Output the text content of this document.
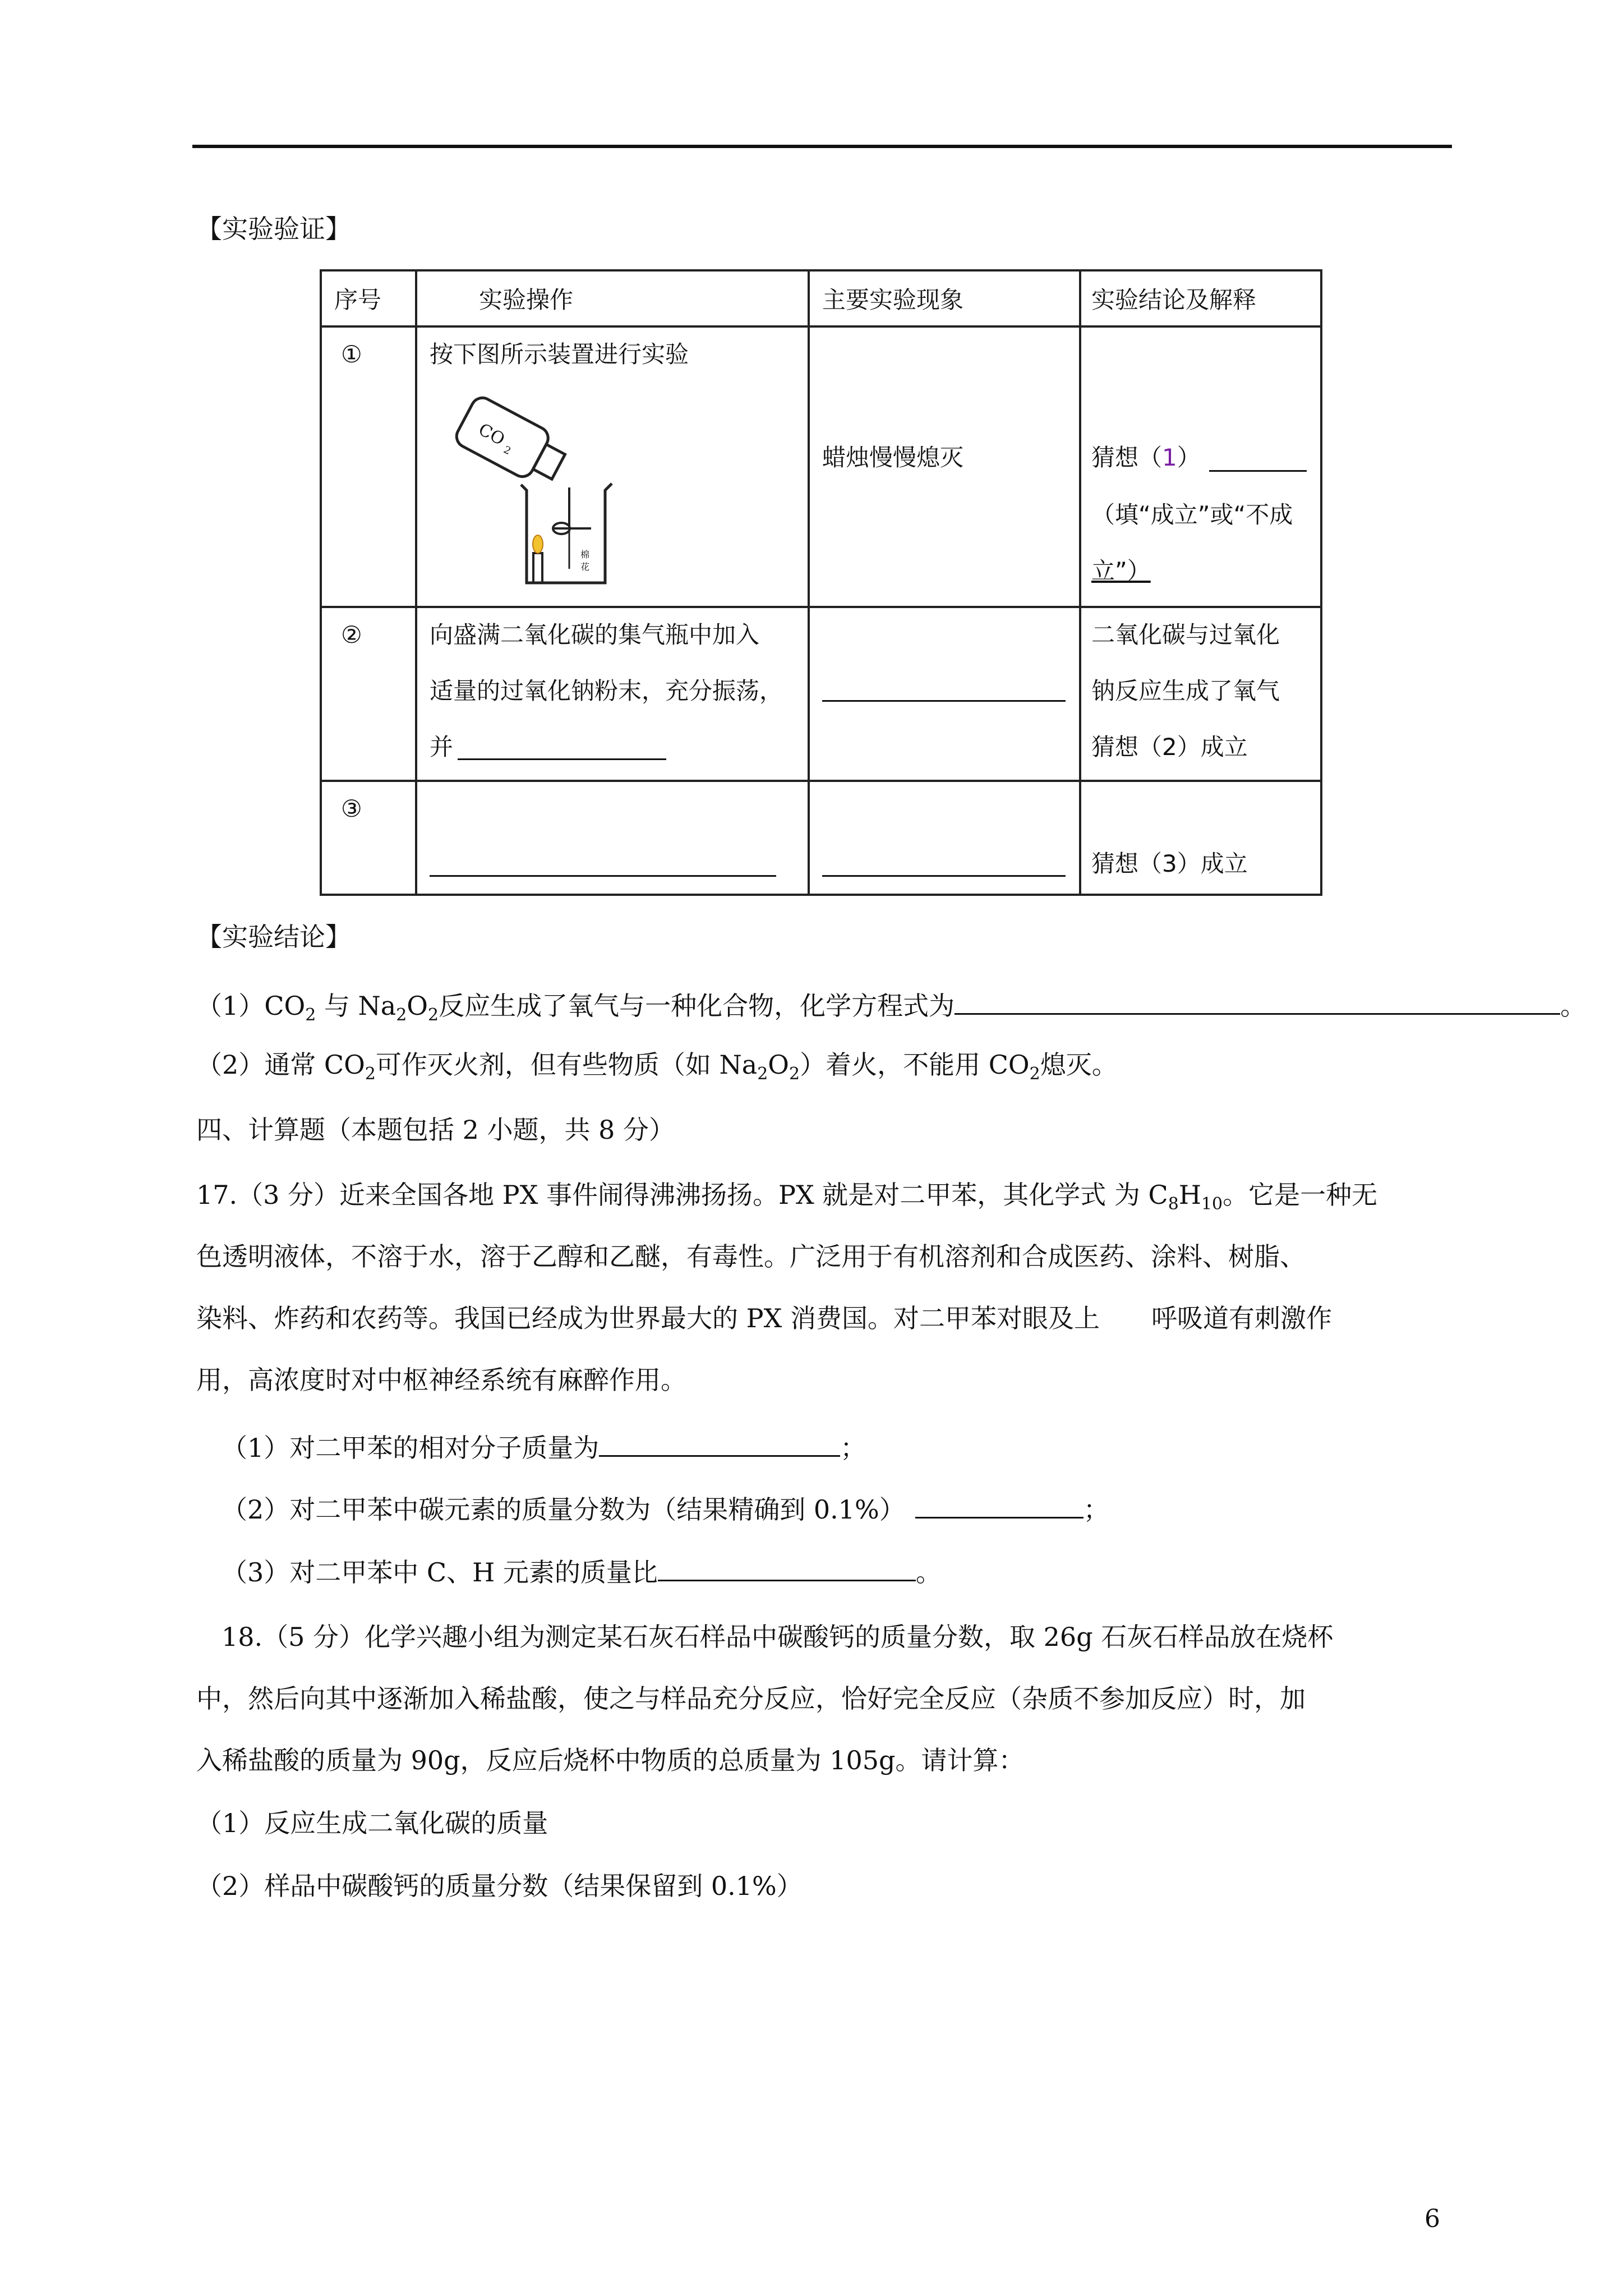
【实验验证】
序号	实验操作	主要实验现象	实验结论及解释

①	按下图所示装置进行实验
CO
2
棉
花	蜡烛慢慢熄灭	猜想（1）
（填“成立”或“不成
立”）

②	向盛满二氧化碳的集气瓶中加入
适量的过氧化钠粉末，充分振荡，
并		二氧化碳与过氧化
钠反应生成了氧气
猜想（2）成立

③			猜想（3）成立
【实验结论】
$(1)CO_2$ 与 $Na_2O_2$反应生成了氧气与一种化合物，化学方程式为	。
（2）通常 $CO_2$可作灭火剂，但有些物质（如 $Na_2O_2$）着火，不能用 $CO_2$熄灭。
四、计算题（本题包括 2 小题，共 8 分）
17.（3 分）近来全国各地 PX 事件闹得沸沸扬扬。PX 就是对二甲苯，其化学式 为 $C_8H_{10}$。它是一种无
色透明液体，不溶于水，溶于乙醇和乙醚，有毒性。广泛用于有机溶剂和合成医药、涂料、树脂、
染料、炸药和农药等。我国已经成为世界最大的 PX 消费国。对二甲苯对眼及上　　呼吸道有刺激作
用，高浓度时对中枢神经系统有麻醉作用。
（1）对二甲苯的相对分子质量为	；
（2）对二甲苯中碳元素的质量分数为（结果精确到 0.1%）	；
（3）对二甲苯中 C、H 元素的质量比	。
18.（5 分）化学兴趣小组为测定某石灰石样品中碳酸钙的质量分数，取 26g 石灰石样品放在烧杯
中，然后向其中逐渐加入稀盐酸，使之与样品充分反应，恰好完全反应（杂质不参加反应）时，加
入稀盐酸的质量为 90g，反应后烧杯中物质的总质量为 105g。请计算：
（1）反应生成二氧化碳的质量
（2）样品中碳酸钙的质量分数（结果保留到 0.1%）
6
